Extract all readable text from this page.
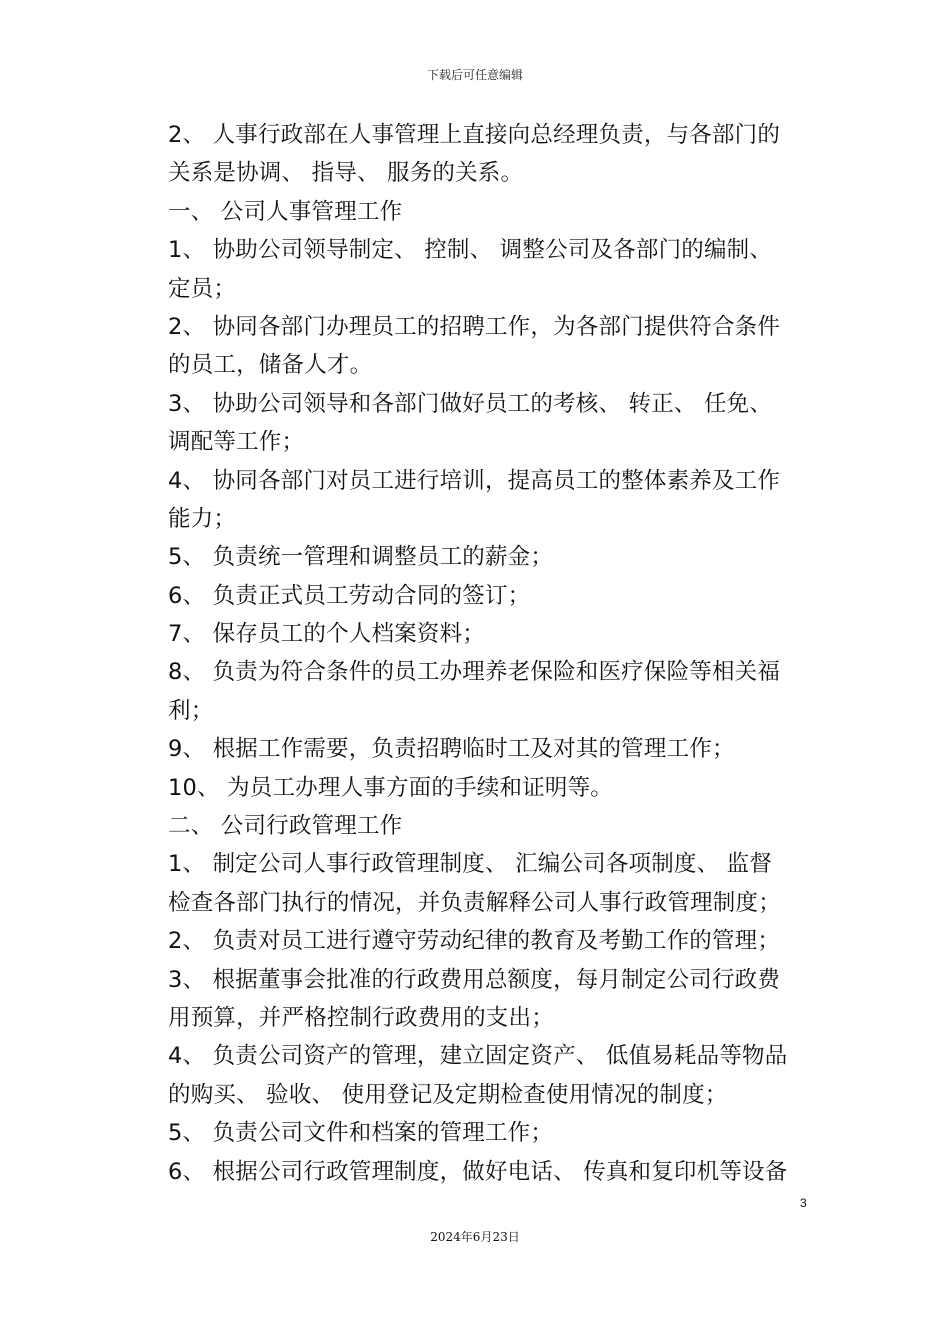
下载后可任意编辑
2、 人事行政部在人事管理上直接向总经理负责，与各部门的
关系是协调、 指导、 服务的关系。
一、 公司人事管理工作
1、 协助公司领导制定、 控制、 调整公司及各部门的编制、
定员；
2、 协同各部门办理员工的招聘工作，为各部门提供符合条件
的员工，储备人才。
3、 协助公司领导和各部门做好员工的考核、 转正、 任免、
调配等工作；
4、 协同各部门对员工进行培训，提高员工的整体素养及工作
能力；
5、 负责统一管理和调整员工的薪金；
6、 负责正式员工劳动合同的签订；
7、 保存员工的个人档案资料；
8、 负责为符合条件的员工办理养老保险和医疗保险等相关福
利；
9、 根据工作需要，负责招聘临时工及对其的管理工作；
10、 为员工办理人事方面的手续和证明等。
二、 公司行政管理工作
1、 制定公司人事行政管理制度、 汇编公司各项制度、 监督
检查各部门执行的情况，并负责解释公司人事行政管理制度；
2、 负责对员工进行遵守劳动纪律的教育及考勤工作的管理；
3、 根据董事会批准的行政费用总额度，每月制定公司行政费
用预算，并严格控制行政费用的支出；
4、 负责公司资产的管理，建立固定资产、 低值易耗品等物品
的购买、 验收、 使用登记及定期检查使用情况的制度；
5、 负责公司文件和档案的管理工作；
6、 根据公司行政管理制度，做好电话、 传真和复印机等设备
3
2024年6月23日
